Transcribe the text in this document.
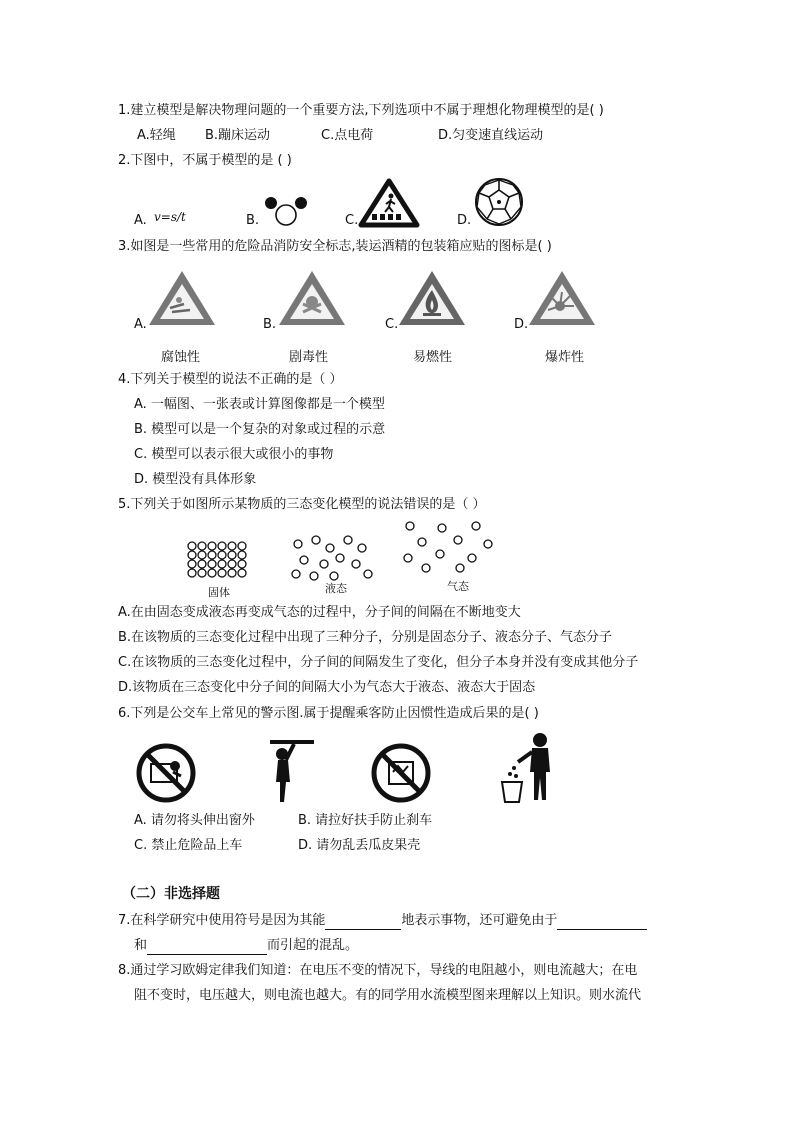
1.建立模型是解决物理问题的一个重要方法,下列选项中不属于理想化物理模型的是( )
A.轻绳 B.蹦床运动	C.点电荷	D.匀变速直线运动
2.下图中，不属于模型的是 ( )
A. v=s/t	B.	C.	D.
3.如图是一些常用的危险品消防安全标志,装运酒精的包装箱应贴的图标是( )
A.	B.	C.	D.
腐蚀性	剧毒性	易燃性	爆炸性
4.下列关于模型的说法不正确的是（ ）
A. 一幅图、一张表或计算图像都是一个模型
B. 模型可以是一个复杂的对象或过程的示意
C. 模型可以表示很大或很小的事物
D. 模型没有具体形象
5.下列关于如图所示某物质的三态变化模型的说法错误的是（ ）
固体	液态	气态
A.在由固态变成液态再变成气态的过程中，分子间的间隔在不断地变大
B.在该物质的三态变化过程中出现了三种分子，分别是固态分子、液态分子、气态分子
C.在该物质的三态变化过程中，分子间的间隔发生了变化，但分子本身并没有变成其他分子
D.该物质在三态变化中分子间的间隔大小为气态大于液态、液态大于固态
6.下列是公交车上常见的警示图.属于提醒乘客防止因惯性造成后果的是( )
A. 请勿将头伸出窗外	B. 请拉好扶手防止刹车
C. 禁止危险品上车	D. 请勿乱丢瓜皮果壳
（二）非选择题
7.在科学研究中使用符号是因为其能	地表示事物，还可避免由于
和	而引起的混乱。
8.通过学习欧姆定律我们知道：在电压不变的情况下，导线的电阻越小，则电流越大；在电
阻不变时，电压越大，则电流也越大。有的同学用水流模型图来理解以上知识。则水流代
